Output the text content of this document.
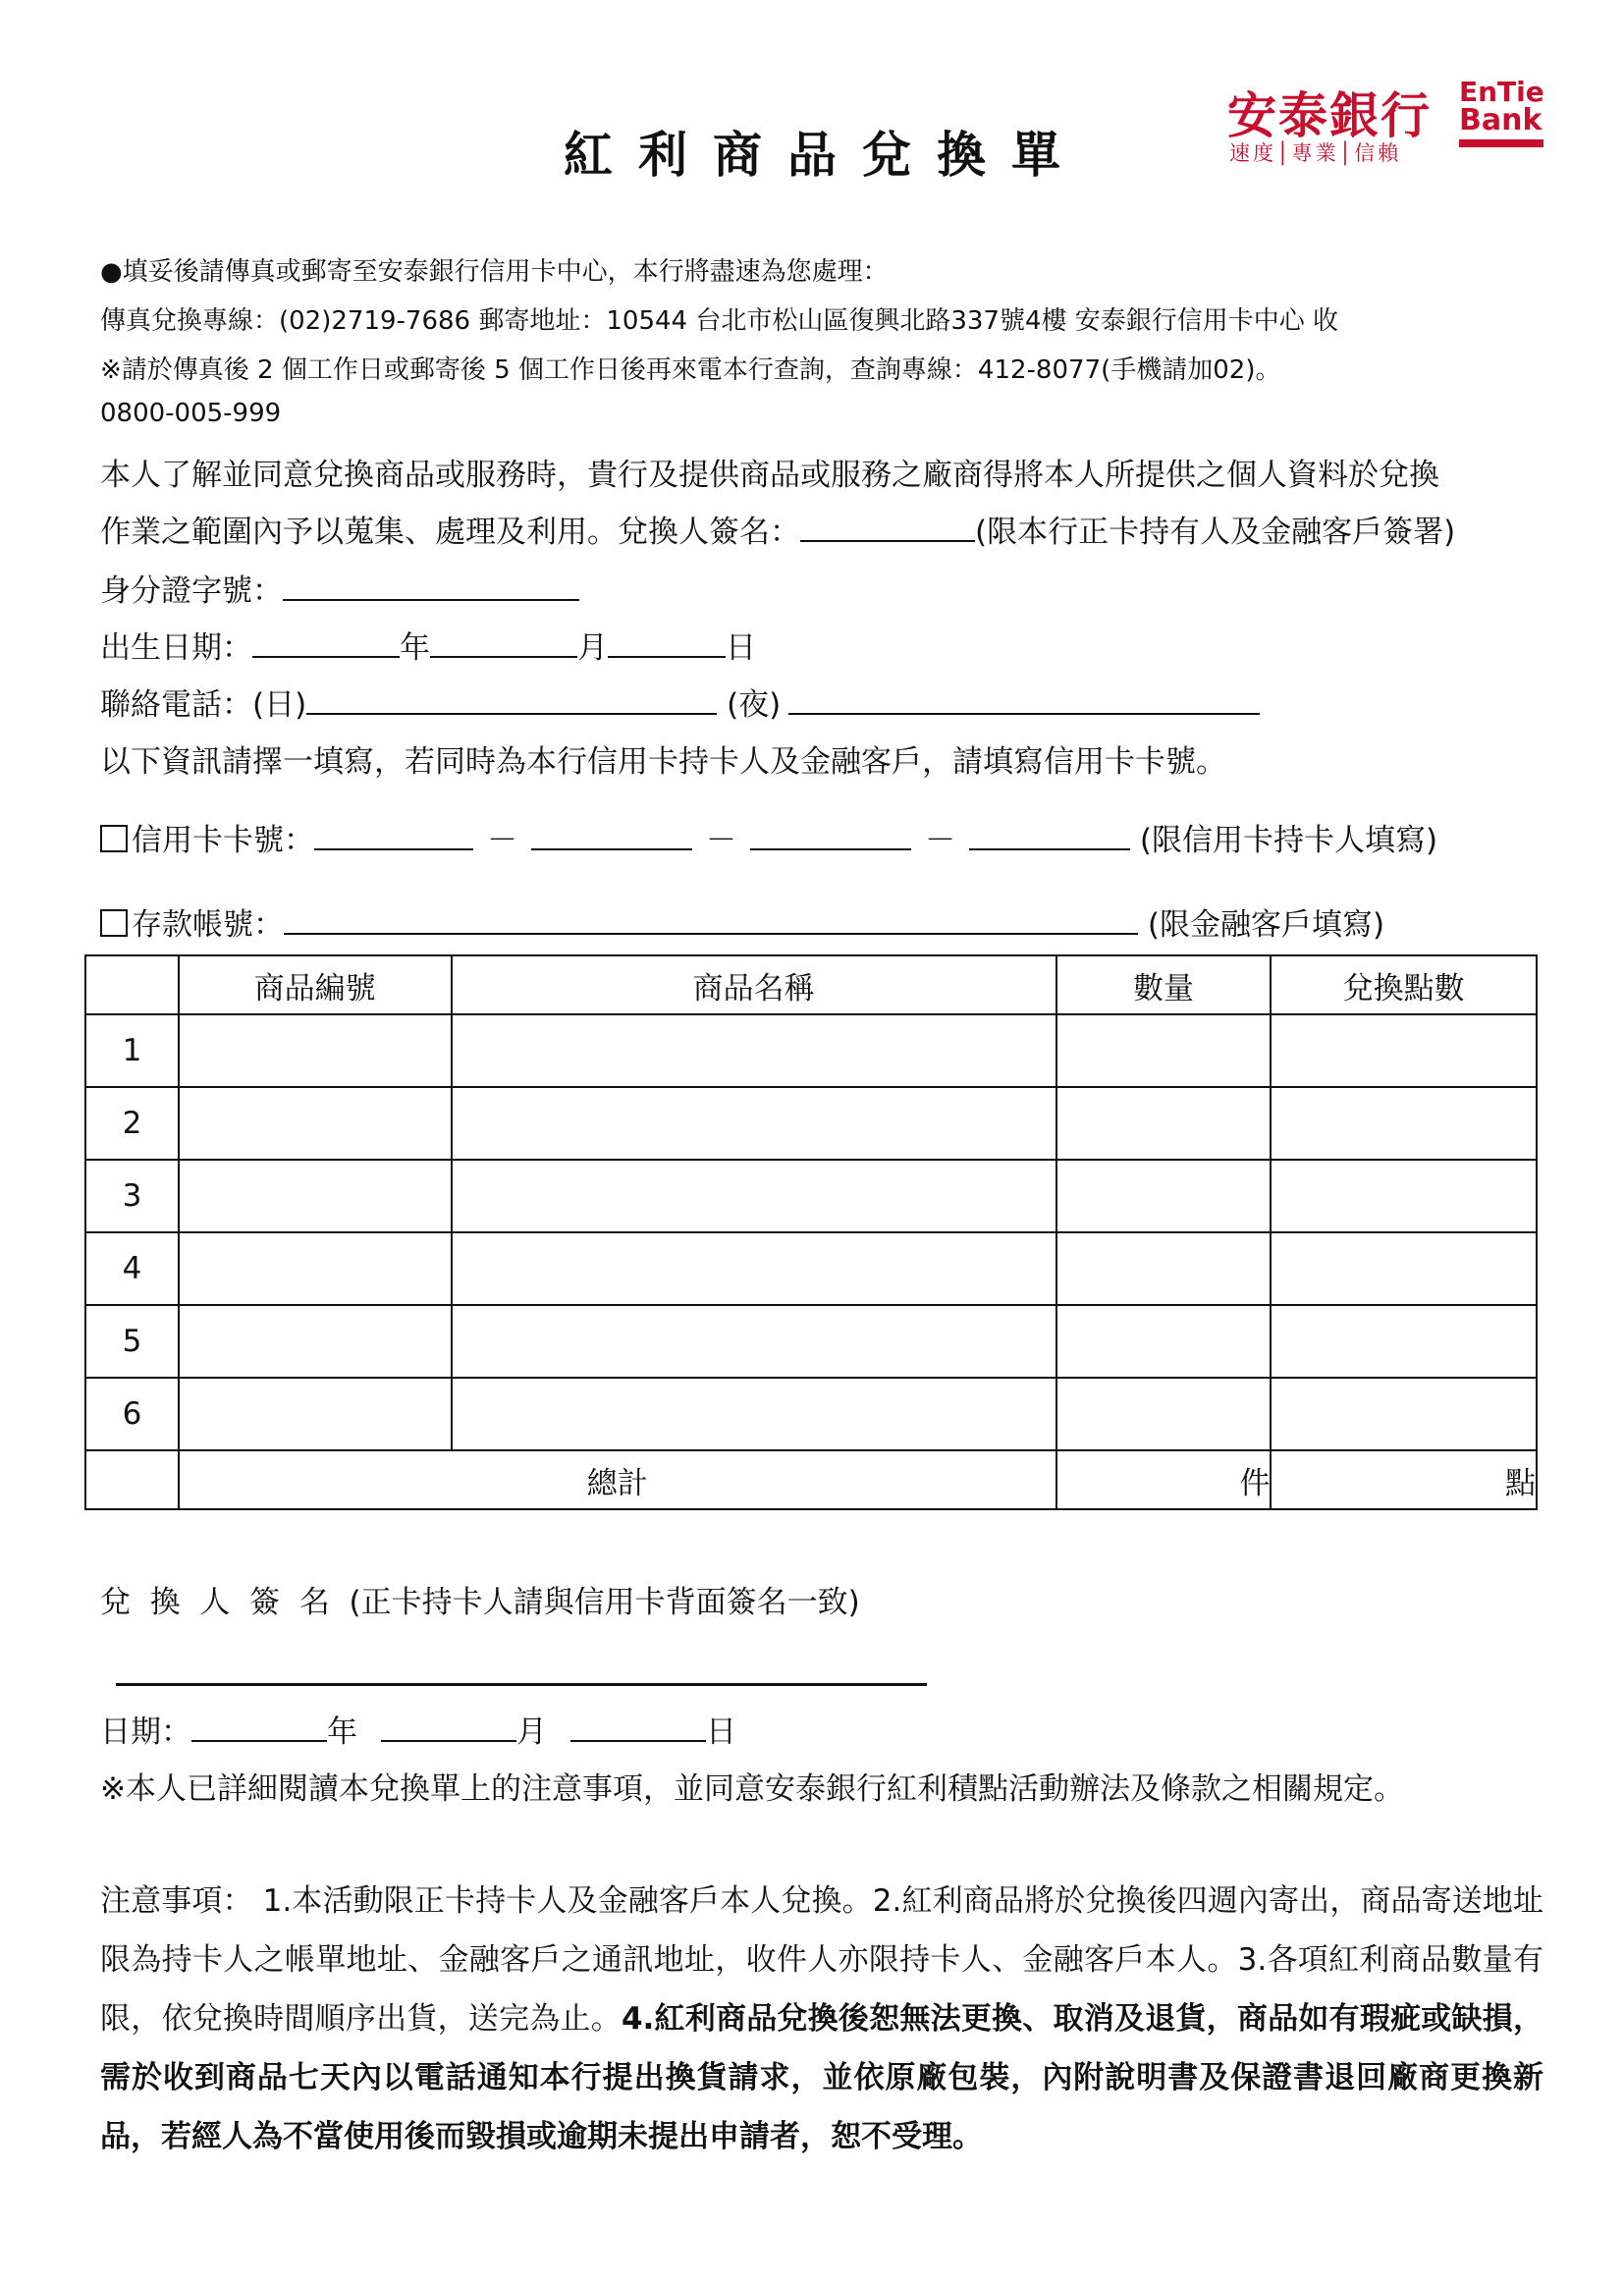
紅利商品兌換單
安泰銀行 EnTie
Bank
速度│專業│信賴
●填妥後請傳真或郵寄至安泰銀行信用卡中心，本行將盡速為您處理：
傳真兌換專線：(02)2719-7686 郵寄地址：10544 台北市松山區復興北路337號4樓 安泰銀行信用卡中心 收
※請於傳真後 2 個工作日或郵寄後 5 個工作日後再來電本行查詢，查詢專線：412-8077(手機請加02)。
0800-005-999
本人了解並同意兌換商品或服務時，貴行及提供商品或服務之廠商得將本人所提供之個人資料於兌換
作業之範圍內予以蒐集、處理及利用。兌換人簽名：	(限本行正卡持有人及金融客戶簽署)
身分證字號：
出生日期：	年	月	日
聯絡電話：(日)	(夜)
以下資訊請擇一填寫，若同時為本行信用卡持卡人及金融客戶，請填寫信用卡卡號。
信用卡卡號：	－	－	－	(限信用卡持卡人填寫)
存款帳號：	(限金融客戶填寫)
	商品編號	商品名稱	數量	兌換點數
1				
2				
3				
4				
5				
6				
	總計		件	點
兌  換  人  簽  名  (正卡持卡人請與信用卡背面簽名一致)
日期：	年	月	日
※本人已詳細閱讀本兌換單上的注意事項，並同意安泰銀行紅利積點活動辦法及條款之相關規定。
注意事項： 1.本活動限正卡持卡人及金融客戶本人兌換。2.紅利商品將於兌換後四週內寄出，商品寄送地址限為持卡人之帳單地址、金融客戶之通訊地址，收件人亦限持卡人、金融客戶本人。3.各項紅利商品數量有限，依兌換時間順序出貨，送完為止。4.紅利商品兌換後恕無法更換、取消及退貨，商品如有瑕疵或缺損，需於收到商品七天內以電話通知本行提出換貨請求，並依原廠包裝，內附說明書及保證書退回廠商更換新品，若經人為不當使用後而毀損或逾期未提出申請者，恕不受理。
